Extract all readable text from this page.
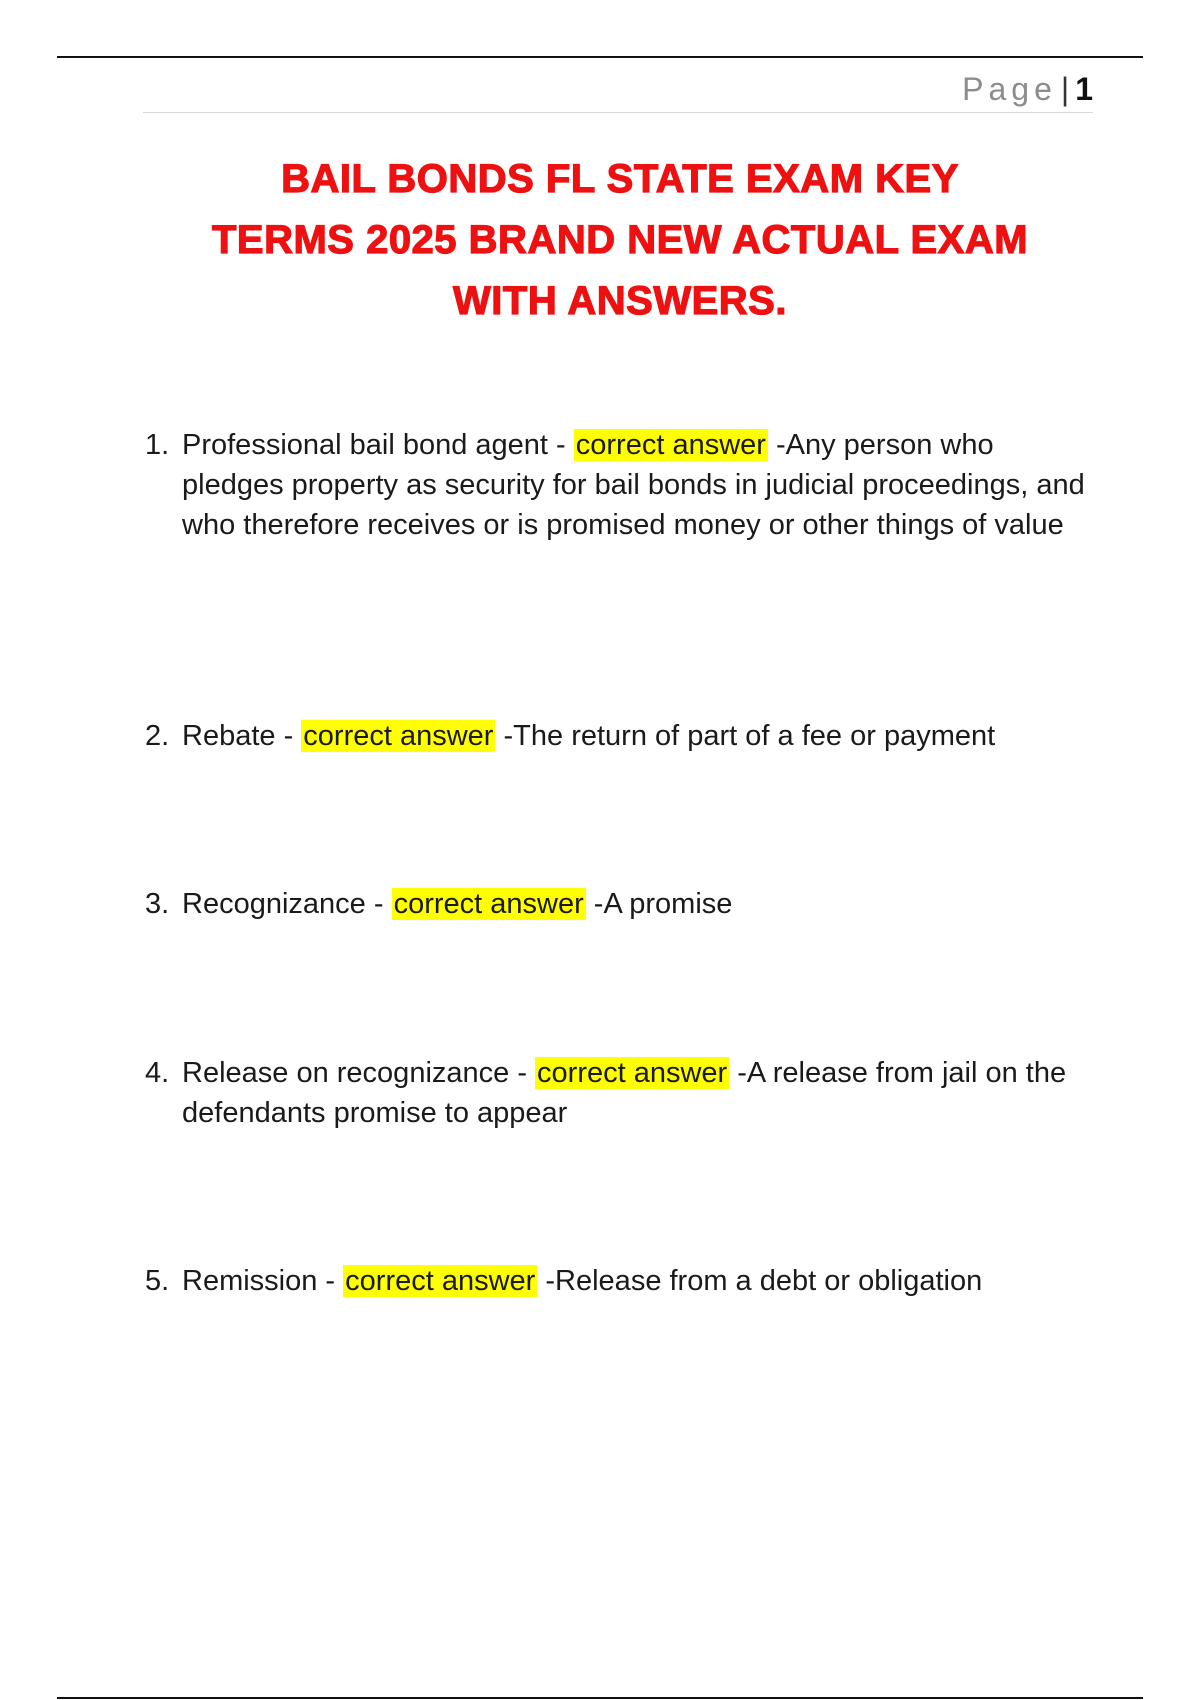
Page | 1
BAIL BONDS FL STATE EXAM KEY
TERMS 2025 BRAND NEW ACTUAL EXAM
WITH ANSWERS.
1. Professional bail bond agent - correct answer -Any person who pledges property as security for bail bonds in judicial proceedings, and who therefore receives or is promised money or other things of value
2. Rebate - correct answer -The return of part of a fee or payment
3. Recognizance - correct answer -A promise
4. Release on recognizance - correct answer -A release from jail on the defendants promise to appear
5. Remission - correct answer -Release from a debt or obligation
